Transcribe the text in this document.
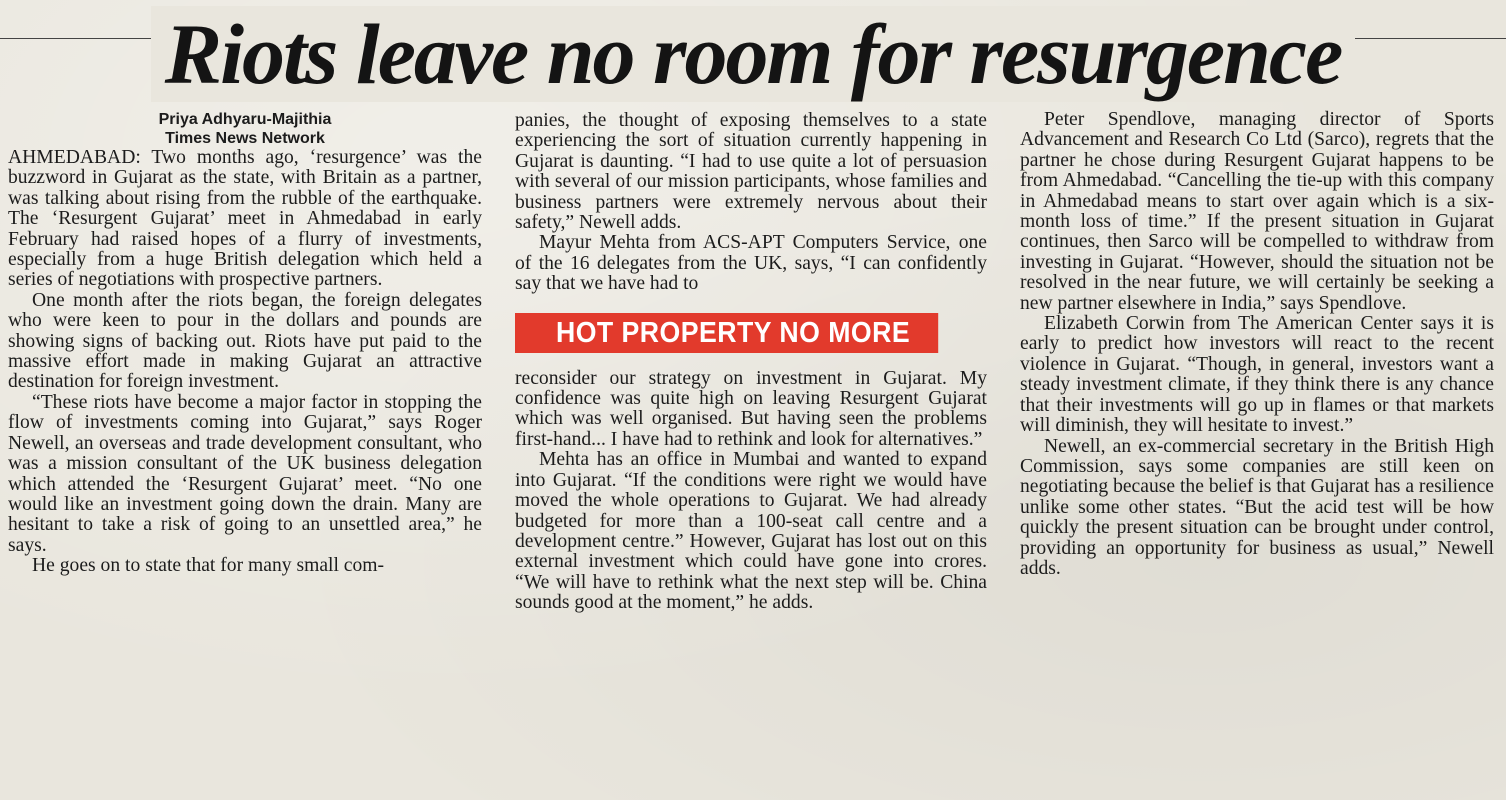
Riots leave no room for resurgence
Priya Adhyaru-Majithia
Times News Network

AHMEDABAD: Two months ago, ‘resurgence’ was the buzzword in Gujarat as the state, with Britain as a partner, was talking about rising from the rubble of the earthquake. The ‘Resurgent Gujarat’ meet in Ahmedabad in early February had raised hopes of a flurry of investments, especially from a huge British delegation which held a series of negotiations with prospective partners.

One month after the riots began, the foreign delegates who were keen to pour in the dollars and pounds are showing signs of backing out. Riots have put paid to the massive effort made in making Gujarat an attractive destination for foreign investment.

“These riots have become a major factor in stopping the flow of investments coming into Gujarat,” says Roger Newell, an overseas and trade development consultant, who was a mission consultant of the UK business delegation which attended the ‘Resurgent Gujarat’ meet. “No one would like an investment going down the drain. Many are hesitant to take a risk of going to an unsettled area,” he says.

He goes on to state that for many small com-

panies, the thought of exposing themselves to a state experiencing the sort of situation currently happening in Gujarat is daunting. “I had to use quite a lot of persuasion with several of our mission participants, whose families and business partners were extremely nervous about their safety,” Newell adds.

Mayur Mehta from ACS-APT Computers Service, one of the 16 delegates from the UK, says, “I can confidently say that we have had to

HOT PROPERTY NO MORE

reconsider our strategy on investment in Gujarat. My confidence was quite high on leaving Resurgent Gujarat which was well organised. But having seen the problems first-hand... I have had to rethink and look for alternatives.”

Mehta has an office in Mumbai and wanted to expand into Gujarat. “If the conditions were right we would have moved the whole operations to Gujarat. We had already budgeted for more than a 100-seat call centre and a development centre.” However, Gujarat has lost out on this external investment which could have gone into crores. “We will have to rethink what the next step will be. China sounds good at the moment,” he adds.

Peter Spendlove, managing director of Sports Advancement and Research Co Ltd (Sarco), regrets that the partner he chose during Resurgent Gujarat happens to be from Ahmedabad. “Cancelling the tie-up with this company in Ahmedabad means to start over again which is a six-month loss of time.” If the present situation in Gujarat continues, then Sarco will be compelled to withdraw from investing in Gujarat. “However, should the situation not be resolved in the near future, we will certainly be seeking a new partner elsewhere in India,” says Spendlove.

Elizabeth Corwin from The American Center says it is early to predict how investors will react to the recent violence in Gujarat. “Though, in general, investors want a steady investment climate, if they think there is any chance that their investments will go up in flames or that markets will diminish, they will hesitate to invest.”

Newell, an ex-commercial secretary in the British High Commission, says some companies are still keen on negotiating because the belief is that Gujarat has a resilience unlike some other states. “But the acid test will be how quickly the present situation can be brought under control, providing an opportunity for business as usual,” Newell adds.
